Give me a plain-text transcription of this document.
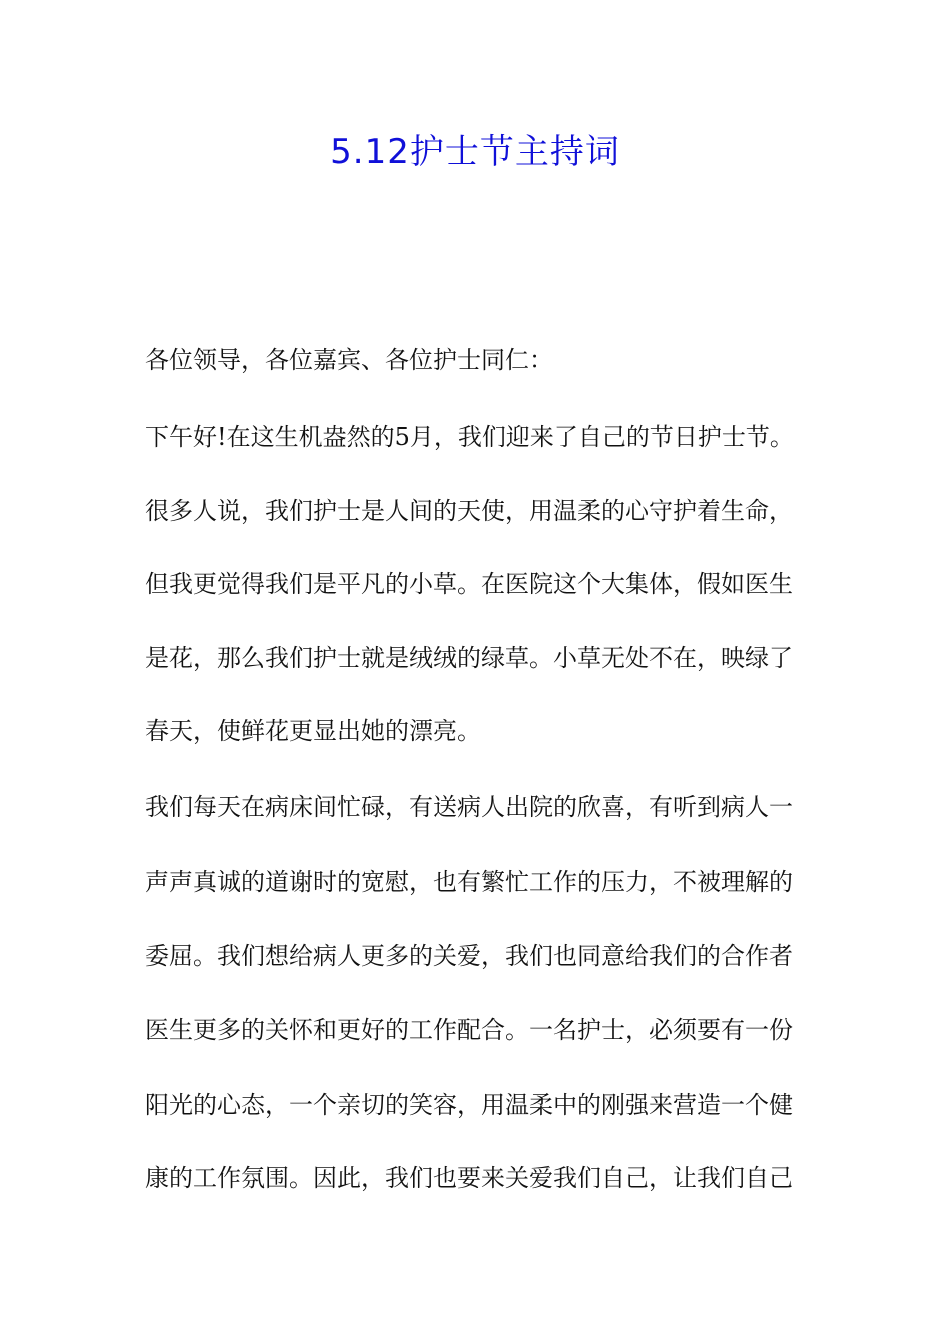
5.12护士节主持词
各位领导，各位嘉宾、各位护士同仁：
下午好!在这生机盎然的5月，我们迎来了自己的节日护士节。
很多人说，我们护士是人间的天使，用温柔的心守护着生命，
但我更觉得我们是平凡的小草。在医院这个大集体，假如医生
是花，那么我们护士就是绒绒的绿草。小草无处不在，映绿了
春天，使鲜花更显出她的漂亮。
我们每天在病床间忙碌，有送病人出院的欣喜，有听到病人一
声声真诚的道谢时的宽慰，也有繁忙工作的压力，不被理解的
委屈。我们想给病人更多的关爱，我们也同意给我们的合作者
医生更多的关怀和更好的工作配合。一名护士，必须要有一份
阳光的心态，一个亲切的笑容，用温柔中的刚强来营造一个健
康的工作氛围。因此，我们也要来关爱我们自己，让我们自己
